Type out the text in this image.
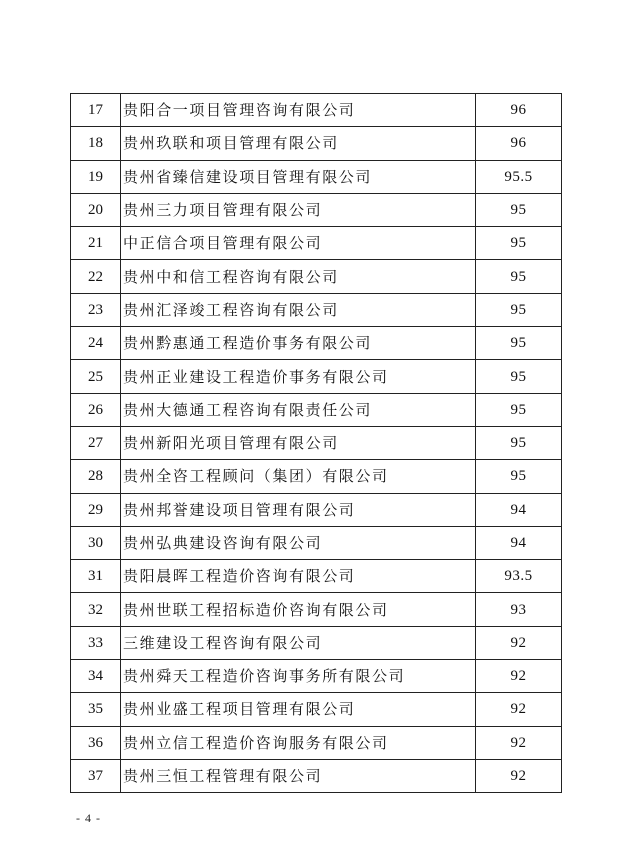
17	贵阳合一项目管理咨询有限公司	96
18	贵州玖联和项目管理有限公司	96
19	贵州省臻信建设项目管理有限公司	95.5
20	贵州三力项目管理有限公司	95
21	中正信合项目管理有限公司	95
22	贵州中和信工程咨询有限公司	95
23	贵州汇泽竣工程咨询有限公司	95
24	贵州黔惠通工程造价事务有限公司	95
25	贵州正业建设工程造价事务有限公司	95
26	贵州大德通工程咨询有限责任公司	95
27	贵州新阳光项目管理有限公司	95
28	贵州全咨工程顾问（集团）有限公司	95
29	贵州邦誉建设项目管理有限公司	94
30	贵州弘典建设咨询有限公司	94
31	贵阳晨晖工程造价咨询有限公司	93.5
32	贵州世联工程招标造价咨询有限公司	93
33	三维建设工程咨询有限公司	92
34	贵州舜天工程造价咨询事务所有限公司	92
35	贵州业盛工程项目管理有限公司	92
36	贵州立信工程造价咨询服务有限公司	92
37	贵州三恒工程管理有限公司	92
- 4 -
